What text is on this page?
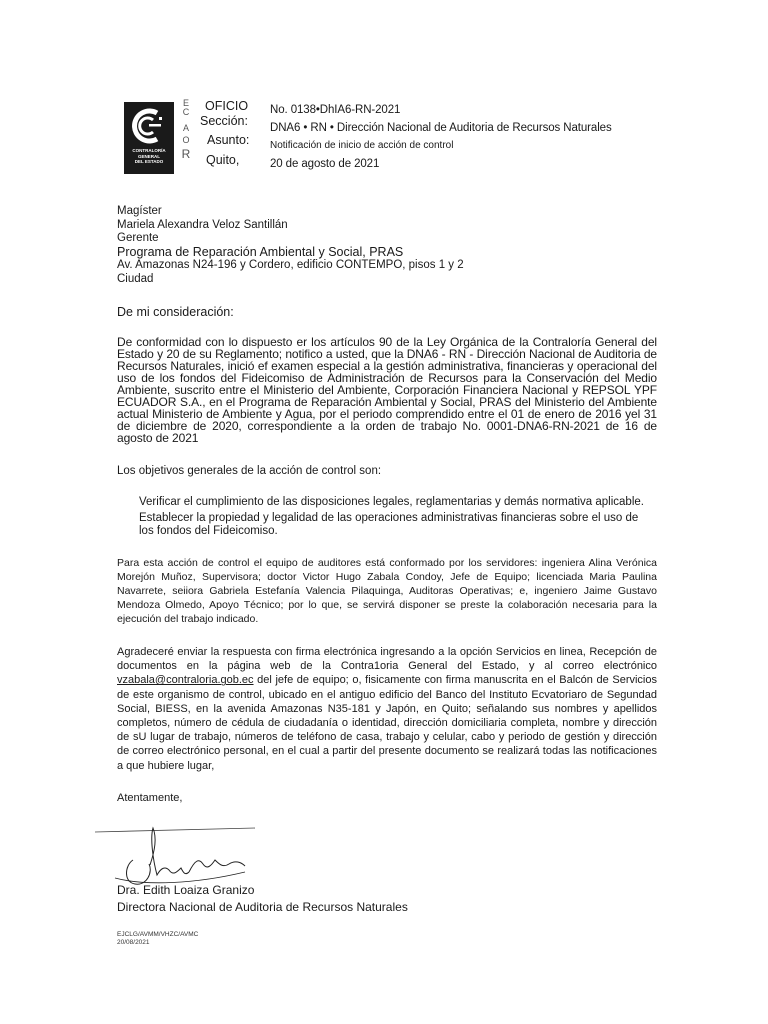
CONTRALORÍA
GENERAL
DEL ESTADO
E
C
A
O
R
OFICIO
Sección:
Asunto:
Quito,
No. 0138•DhIA6-RN-2021
DNA6 • RN • Dirección Nacional de Auditoria de Recursos Naturales
Notificación de inicio de acción de control
20 de agosto de 2021
Magíster
Mariela Alexandra Veloz Santillán
Gerente
Programa de Reparación Ambiental y Social, PRAS
Av. Amazonas N24-196 y Cordero, edificio CONTEMPO, pisos 1 y 2
Ciudad
De mi consideración:
De conformidad con lo dispuesto er los artículos 90 de la Ley Orgánica de la Contraloría General del Estado y 20 de su Reglamento; notifico a usted, que la DNA6 - RN - Dirección Nacional de Auditoria de Recursos Naturales, inició ef examen especial a la gestión administrativa, financieras y operacional del uso de los fondos del Fideicomiso de Administración de Recursos para la Conservación del Medio Ambiente, suscrito entre el Ministerio del Ambiente, Corporación Financiera Nacional y REPSOL YPF ECUADOR S.A., en el Programa de Reparación Ambiental y Social, PRAS del Ministerio del Ambiente actual Ministerio de Ambiente y Agua, por el periodo comprendido entre el 01 de enero de 2016 yel 31 de diciembre de 2020, correspondiente a la orden de trabajo No. 0001-DNA6-RN-2021 de 16 de agosto de 2021
Los objetivos generales de la acción de control son:
Verificar el cumplimiento de las disposiciones legales, reglamentarias y demás normativa aplicable.
Establecer la propiedad y legalidad de las operaciones administrativas financieras sobre el uso de los fondos del Fideicomiso.
Para esta acción de control el equipo de auditores está conformado por los servidores: ingeniera Alina Verónica Morejón Muñoz, Supervisora; doctor Victor Hugo Zabala Condoy, Jefe de Equipo; licenciada Maria Paulina Navarrete, seiiora Gabriela Estefanía Valencia Pilaquinga, Auditoras Operativas; e, ingeniero Jaime Gustavo Mendoza Olmedo, Apoyo Técnico; por lo que, se servirá disponer se preste la colaboración necesaria para la ejecución del trabajo indicado.
Agradeceré enviar la respuesta con firma electrónica ingresando a la opción Servicios en linea, Recepción de documentos en la página web de la Contra1oria General del Estado, y al correo electrónico vzabala@contraloria.gob.ec del jefe de equipo; o, fisicamente con firma manuscrita en el Balcón de Servicios de este organismo de control, ubicado en el antiguo edificio del Banco del Instituto Ecvatoriaro de Segundad Social, BIESS, en la avenida Amazonas N35-181 y Japón, en Quito; señalando sus nombres y apellidos completos, número de cédula de ciudadanía o identidad, dirección domiciliaria completa, nombre y dirección de sU lugar de trabajo, números de teléfono de casa, trabajo y celular, cabo y periodo de gestión y dirección de correo electrónico personal, en el cual a partir del presente documento se realizará todas las notificaciones a que hubiere lugar,
Atentamente,
Dra. Edith Loaiza Granizo
Directora Nacional de Auditoria de Recursos Naturales
EJCLG/AVMM/VHZC/AVMC
20/08/2021
